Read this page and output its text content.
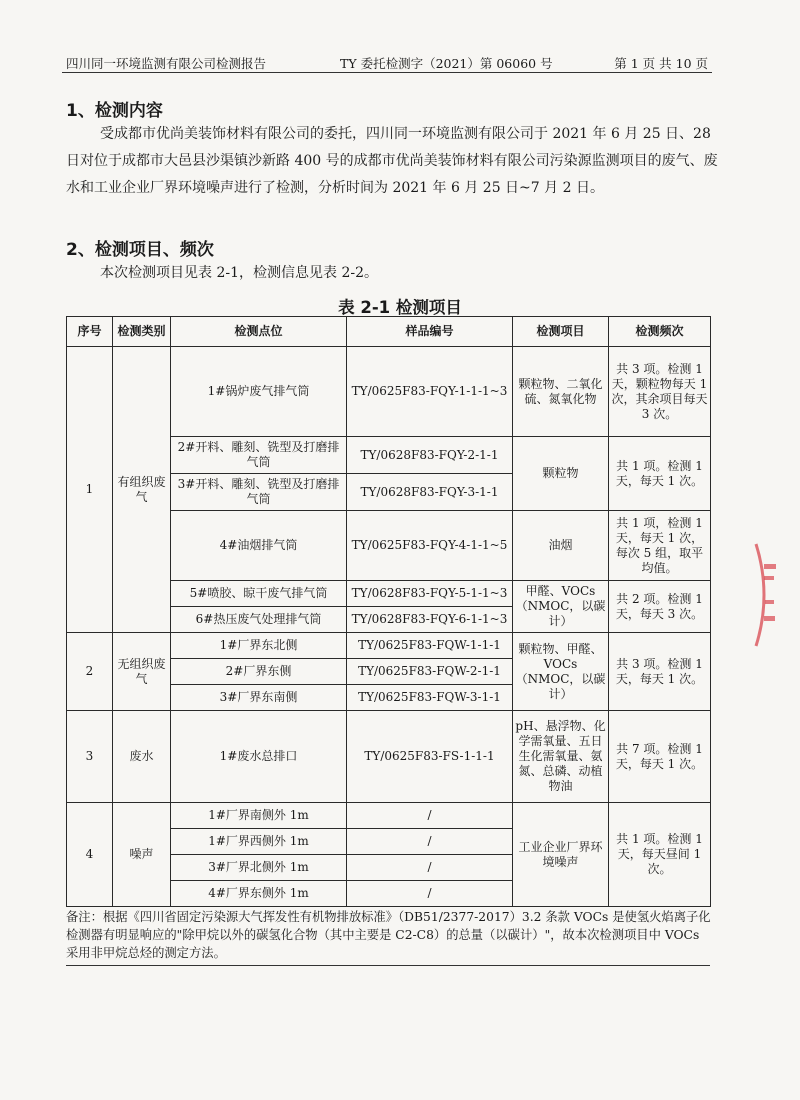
四川同一环境监测有限公司检测报告	TY 委托检测字（2021）第 06060 号	第 1 页 共 10 页
1、检测内容
受成都市优尚美装饰材料有限公司的委托，四川同一环境监测有限公司于 2021 年 6 月 25 日、28 日对位于成都市大邑县沙渠镇沙新路 400 号的成都市优尚美装饰材料有限公司污染源监测项目的废气、废水和工业企业厂界环境噪声进行了检测，分析时间为 2021 年 6 月 25 日~7 月 2 日。
2、检测项目、频次
本次检测项目见表 2-1，检测信息见表 2-2。
表 2-1 检测项目
序号	检测类别	检测点位	样品编号	检测项目	检测频次
1	有组织废气	1#锅炉废气排气筒	TY/0625F83-FQY-1-1-1~3	颗粒物、二氧化硫、氮氧化物	共 3 项。检测 1 天，颗粒物每天 1 次，其余项目每天 3 次。
		2#开料、雕刻、铣型及打磨排气筒	TY/0628F83-FQY-2-1-1	颗粒物	共 1 项。检测 1 天，每天 1 次。
		3#开料、雕刻、铣型及打磨排气筒	TY/0628F83-FQY-3-1-1		
		4#油烟排气筒	TY/0625F83-FQY-4-1-1~5	油烟	共 1 项，检测 1 天，每天 1 次，每次 5 组，取平均值。
		5#喷胶、晾干废气排气筒	TY/0628F83-FQY-5-1-1~3	甲醛、VOCs（NMOC，以碳计）	共 2 项。检测 1 天，每天 3 次。
		6#热压废气处理排气筒	TY/0628F83-FQY-6-1-1~3		
2	无组织废气	1#厂界东北侧	TY/0625F83-FQW-1-1-1	颗粒物、甲醛、VOCs（NMOC，以碳计）	共 3 项。检测 1 天，每天 1 次。
		2#厂界东侧	TY/0625F83-FQW-2-1-1		
		3#厂界东南侧	TY/0625F83-FQW-3-1-1		
3	废水	1#废水总排口	TY/0625F83-FS-1-1-1	pH、悬浮物、化学需氧量、五日生化需氧量、氨氮、总磷、动植物油	共 7 项。检测 1 天，每天 1 次。
4	噪声	1#厂界南侧外 1m	/	工业企业厂界环境噪声	共 1 项。检测 1 天，每天昼间 1 次。
		1#厂界西侧外 1m	/		
		3#厂界北侧外 1m	/		
		4#厂界东侧外 1m	/		
备注：根据《四川省固定污染源大气挥发性有机物排放标准》（DB51/2377-2017）3.2 条款 VOCs 是使氢火焰离子化检测器有明显响应的"除甲烷以外的碳氢化合物（其中主要是 C2-C8）的总量（以碳计）"，故本次检测项目中 VOCs 采用非甲烷总烃的测定方法。
